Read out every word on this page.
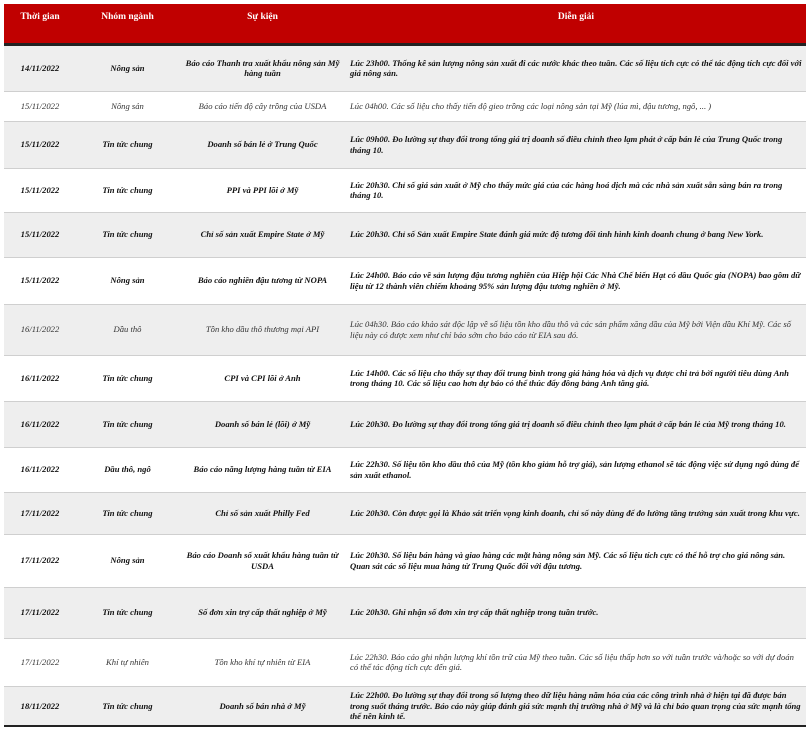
Thời gian	Nhóm ngành	Sự kiện	Diễn giải
14/11/2022	Nông sản	Báo cáo Thanh tra xuất khẩu nông sản Mỹ hàng tuần	Lúc 23h00. Thống kê sản lượng nông sản xuất đi các nước khác theo tuần. Các số liệu tích cực có thể tác động tích cực đối với giá nông sản.
15/11/2022	Nông sản	Báo cáo tiến độ cây trồng của USDA	Lúc 04h00. Các số liệu cho thấy tiến độ gieo trồng các loại nông sản tại Mỹ (lúa mì, đậu tương, ngô, ... )
15/11/2022	Tin tức chung	Doanh số bán lẻ ở Trung Quốc	Lúc 09h00. Đo lường sự thay đổi trong tổng giá trị doanh số điều chỉnh theo lạm phát ở cấp bán lẻ của Trung Quốc trong tháng 10.
15/11/2022	Tin tức chung	PPI và PPI lõi ở Mỹ	Lúc 20h30. Chỉ số giá sản xuất ở Mỹ cho thấy mức giá của các hàng hoá dịch mà các nhà sản xuất sẵn sàng bán ra trong tháng 10.
15/11/2022	Tin tức chung	Chỉ số sản xuất Empire State ở Mỹ	Lúc 20h30. Chỉ số Sản xuất Empire State đánh giá mức độ tương đối tình hình kinh doanh chung ở bang New York.
15/11/2022	Nông sản	Báo cáo nghiền đậu tương từ NOPA	Lúc 24h00. Báo cáo về sản lượng đậu tương nghiền của Hiệp hội Các Nhà Chế biến Hạt có dầu Quốc gia (NOPA) bao gồm dữ liệu từ 12 thành viên chiếm khoảng 95% sản lượng đậu tương nghiền ở Mỹ.
16/11/2022	Dầu thô	Tồn kho dầu thô thương mại API	Lúc 04h30. Báo cáo khảo sát độc lập về số liệu tồn kho dầu thô và các sản phẩm xăng dầu của Mỹ bởi Viện dầu Khí Mỹ. Các số liệu này có được xem như chỉ báo sớm cho báo cáo từ EIA sau đó.
16/11/2022	Tin tức chung	CPI và CPI lõi ở Anh	Lúc 14h00. Các số liệu cho thấy sự thay đổi trung bình trong giá hàng hóa và dịch vụ được chi trả bởi người tiêu dùng Anh trong tháng 10. Các số liệu cao hơn dự báo có thể thúc đẩy đồng bảng Anh tăng giá.
16/11/2022	Tin tức chung	Doanh số bán lẻ (lõi) ở Mỹ	Lúc 20h30. Đo lường sự thay đổi trong tổng giá trị doanh số điều chỉnh theo lạm phát ở cấp bán lẻ của Mỹ trong tháng 10.
16/11/2022	Dầu thô, ngô	Báo cáo năng lượng hàng tuần từ EIA	Lúc 22h30. Số liệu tồn kho dầu thô của Mỹ (tồn kho giảm hỗ trợ giá), sản lượng ethanol sẽ tác động việc sử dụng ngô dùng để sản xuất ethanol.
17/11/2022	Tin tức chung	Chỉ số sản xuất Philly Fed	Lúc 20h30. Còn được gọi là Khảo sát triển vọng kinh doanh, chỉ số này dùng để đo lường tăng trưởng sản xuất trong khu vực.
17/11/2022	Nông sản	Báo cáo Doanh số xuất khẩu hàng tuần từ USDA	Lúc 20h30. Số liệu bán hàng và giao hàng các mặt hàng nông sản Mỹ. Các số liệu tích cực có thể hỗ trợ cho giá nông sản. Quan sát các số liệu mua hàng từ Trung Quốc đối với đậu tương.
17/11/2022	Tin tức chung	Số đơn xin trợ cấp thất nghiệp ở Mỹ	Lúc 20h30. Ghi nhận số đơn xin trợ cấp thất nghiệp trong tuần trước.
17/11/2022	Khí tự nhiên	Tồn kho khí tự nhiên từ EIA	Lúc 22h30. Báo cáo ghi nhận lượng khí tồn trữ của Mỹ theo tuần. Các số liệu thấp hơn so với tuần trước và/hoặc so với dự đoán có thể tác động tích cực đến giá.
18/11/2022	Tin tức chung	Doanh số bán nhà ở Mỹ	Lúc 22h00. Đo lường sự thay đổi trong số lượng theo dữ liệu hàng năm hóa của các công trình nhà ở hiện tại đã được bán trong suốt tháng trước. Báo cáo này giúp đánh giá sức mạnh thị trường nhà ở Mỹ và là chỉ báo quan trọng của sức mạnh tổng thể nền kinh tế.
